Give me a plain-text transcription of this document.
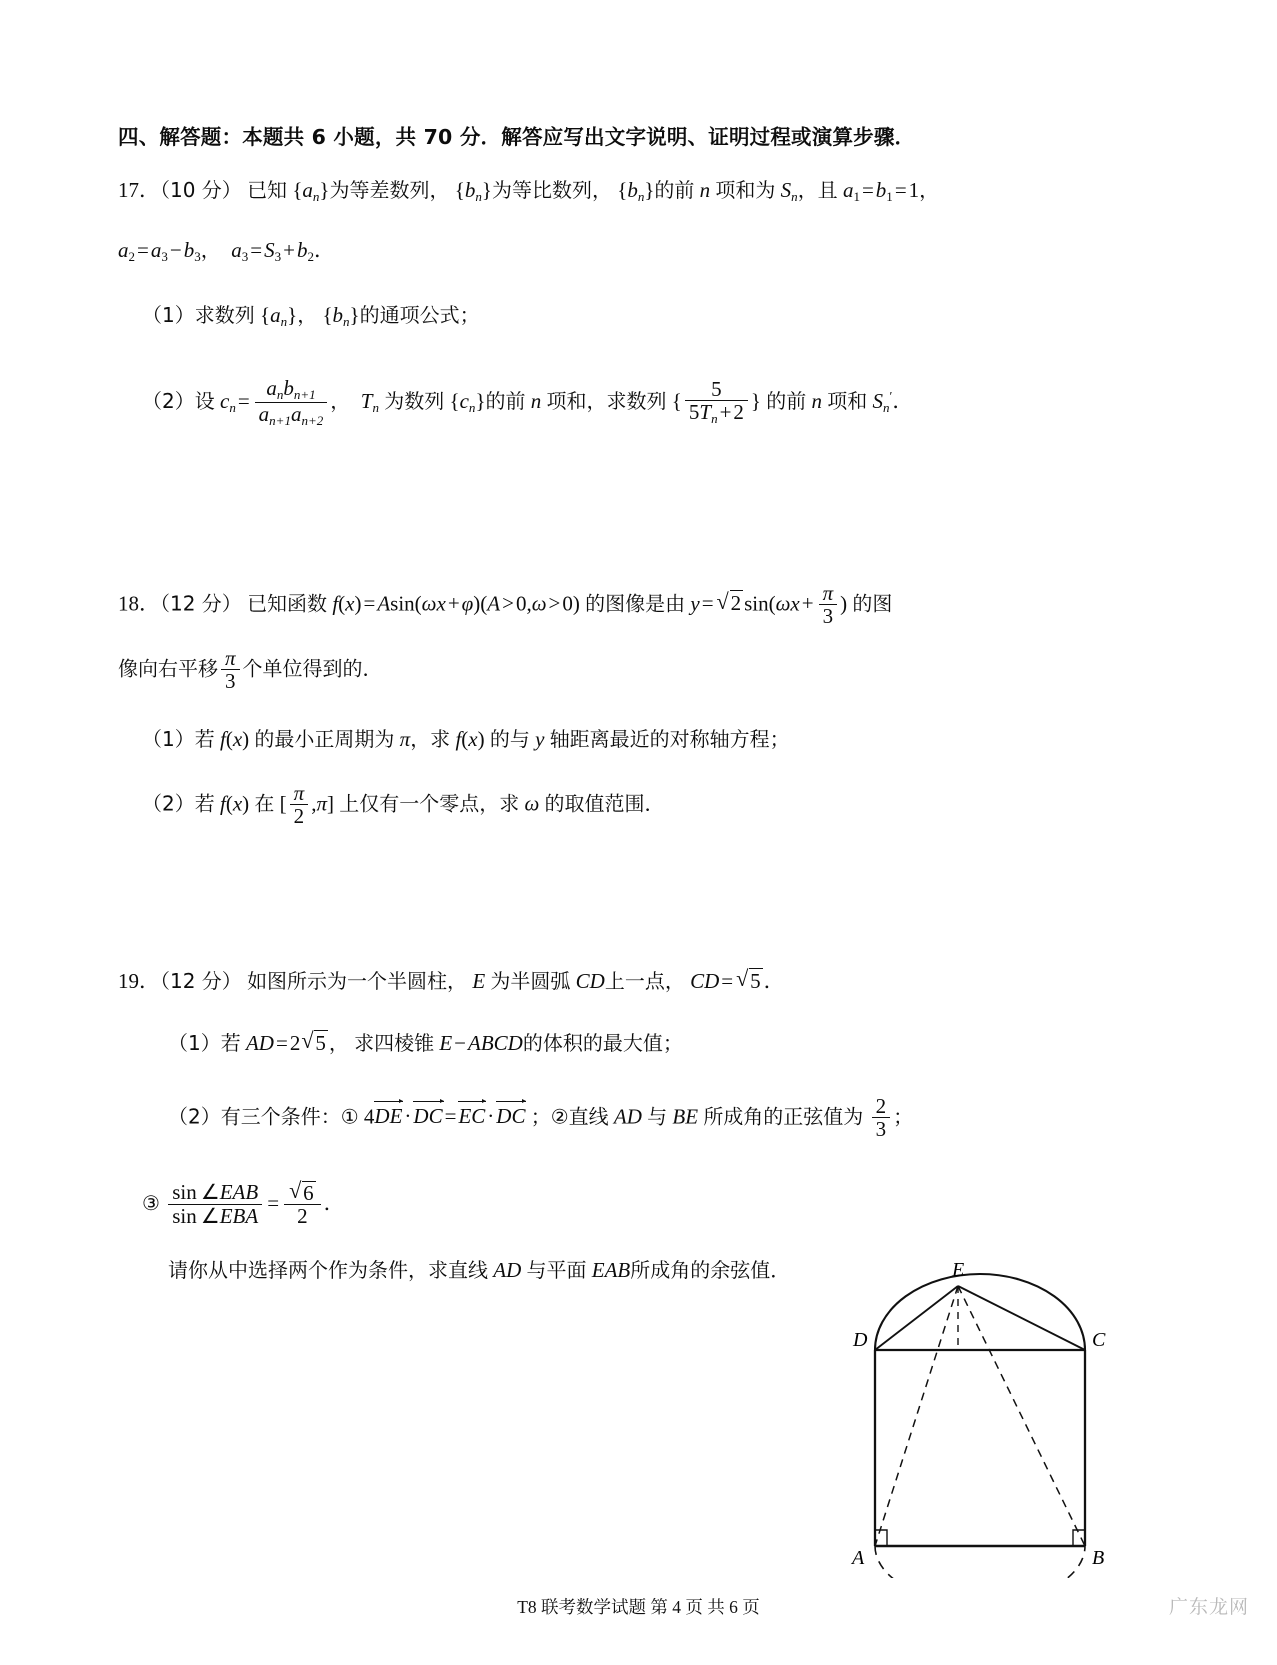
四、解答题：本题共 6 小题，共 70 分．解答应写出文字说明、证明过程或演算步骤．
17．（10 分） 已知 $\{a_n\}$为等差数列， $\{b_n\}$为等比数列， $\{b_n\}$的前 n 项和为 $S_n$，且 a1=b1=1，
a2=a3−b3， a3=S3+b2．
（1）求数列 $\{a_n\}$， $\{b_n\}$的通项公式；
（2）设 $c_n= \frac{a_nb_{n+1}}{a_{n+1}a_{n+2}}$ ， $T_n$ 为数列 $\{c_n\}$的前 n 项和，求数列 { $\frac{5}{5T_n+2}$ } 的前 n 项和 $S_n'$．
18．（12 分） 已知函数 f(x)=Asin(ωx+φ)(A>0,ω>0) 的图像是由 y= √ 2 $\sin(\omega x+ \frac{\pi}{3}$ ) 的图
像向右平移 $\frac{\pi}{3}$ 个单位得到的．
（1）若 f(x) 的最小正周期为 π，求 f(x) 的与 y 轴距离最近的对称轴方程；
（2）若 f(x) 在 [ $\frac{\pi}{2} ,\pi$] 上仅有一个零点，求 ω 的取值范围．
19．（12 分） 如图所示为一个半圆柱， E 为半圆弧 CD上一点， CD= √ 5 ．
（1）若 AD=2 √ 5 ， 求四棱锥 E−ABCD的体积的最大值；
（2）有三个条件：① 4DE·DC=EC·DC ；②直线 AD 与 BE 所成角的正弦值为 $\frac{2}{3}$ ；
③ $\frac{\text{sin ∠EAB}}{\text{sin ∠EBA}}$ = √ $\frac{6}{2}$ ．
请你从中选择两个作为条件，求直线 AD 与平面 EAB所成角的余弦值．	E
D	C
A	B
T8 联考数学试题 第 4 页 共 6 页	广东龙网
